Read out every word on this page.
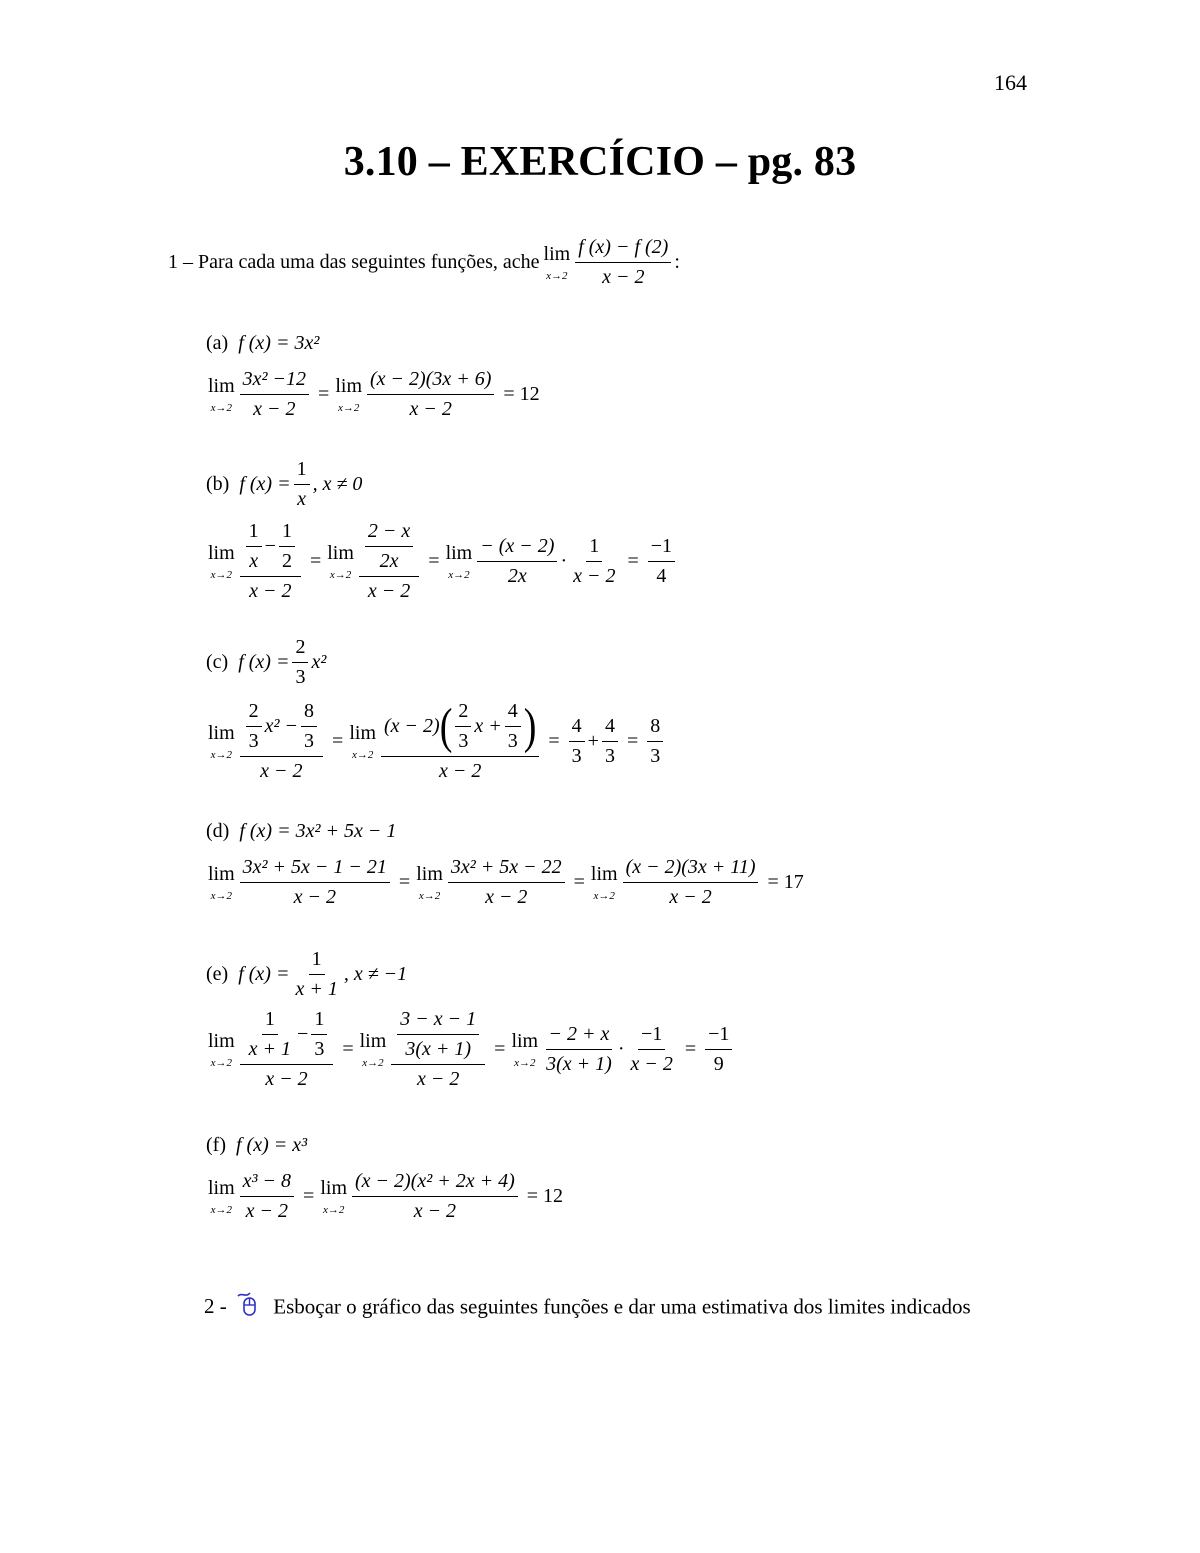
164
3.10 – EXERCÍCIO – pg. 83
1 – Para cada uma das seguintes funções, ache lim
$x\to 2 \frac{f (x) - f (2)}{x - 2}$ :
(a) f (x) = 3x²
lim
$x\to 2 \frac{\text{3x² −12}}{x - 2} = \lim$
$x\to 2 \frac{(x - 2)(3x + 6)}{x - 2} = 12$
(b) f $(x) = \frac{1}{x}$ , x ≠ 0
lim
$x\to 2 \frac{\frac{1}{x} - \frac{1}{2}}{x - 2} = \lim$
$x\to 2 \frac{\frac{2 - x}{2x}}{x - 2} = \lim$
$x\to 2 \frac{- (x - 2)}{2x} \cdot \frac{1}{x - 2} = \frac{-1}{4}$
(c) f $(x) = \frac{2}{3} x^2$
lim
$x\to 2 \frac{\frac{2}{3} x^2 - \frac{8}{3}}{x - 2} = \lim$
$x\to 2 \frac{(x - 2) ( \frac{2}{3} x + \frac{4}{3} )}{x - 2} = \frac{4}{3} + \frac{4}{3} = \frac{8}{3}$
(d) f (x) = 3x² + 5x − 1
lim
$x\to 2 \frac{\text{3x² + 5x − 1 − 21}}{x - 2} = \lim$
$x\to 2 \frac{\text{3x² + 5x − 22}}{x - 2} = \lim$
$x\to 2 \frac{(x - 2)(3x + 11)}{x - 2} = 17$
(e) f $(x) = \frac{1}{x + 1}$ , x ≠ −1
lim
$x\to 2 \frac{\frac{1}{x + 1} - \frac{1}{3}}{x - 2} = \lim$
$x\to 2 \frac{\frac{3 - x - 1}{3(x + 1)}}{x - 2} = \lim$
$x\to 2 \frac{- 2 + x}{3(x + 1)} \cdot \frac{-1}{x - 2} = \frac{-1}{9}$
(f) f (x) = x³
lim
$x\to 2 \frac{\text{x³ − 8}}{x - 2} = \lim$
$x\to 2 \frac{\text{(x − 2)(x² + 2x + 4)}}{x - 2} = 12$
2 - Esboçar o gráfico das seguintes funções e dar uma estimativa dos limites indicados
